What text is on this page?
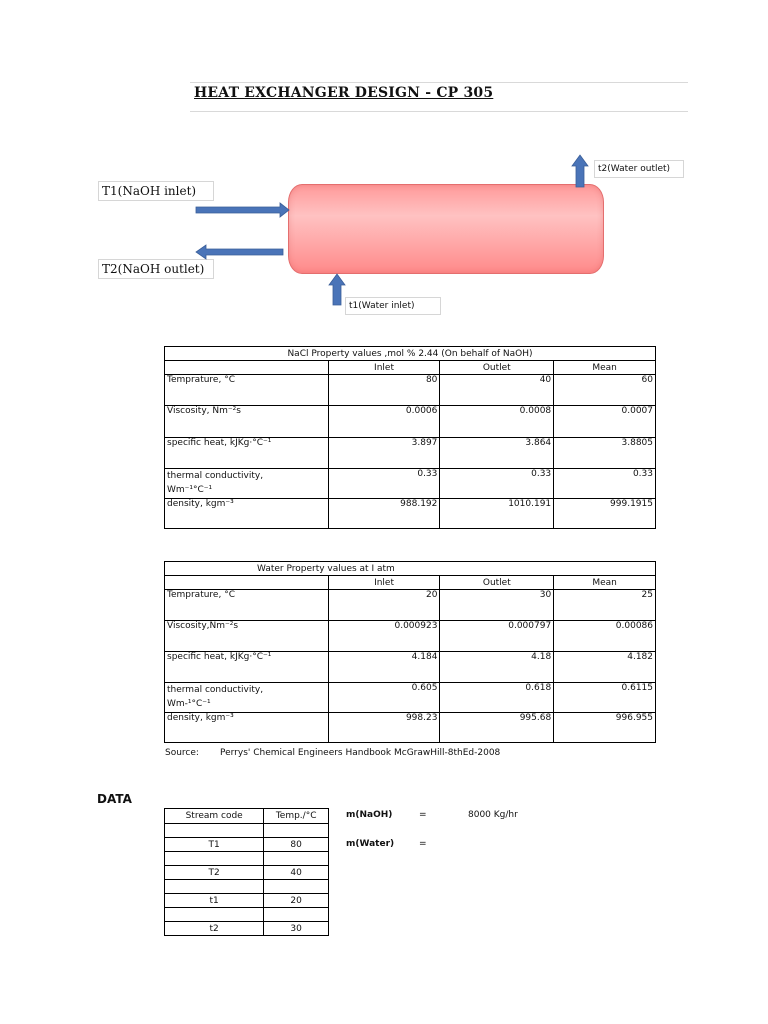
HEAT EXCHANGER DESIGN - CP 305
T1(NaOH inlet)
T2(NaOH outlet)
t2(Water outlet)
t1(Water inlet)
NaCl Property values ,mol % 2.44 (On behalf of NaOH)			
	Inlet	Outlet	Mean
Temprature, °C	80	40	60
Viscosity, Nm⁻²s	0.0006	0.0008	0.0007
specific heat, kJKg·°C⁻¹	3.897	3.864	3.8805

thermal conductivity,
Wm⁻¹°C⁻¹	0.33	0.33	0.33
density, kgm⁻³	988.192	1010.191	999.1915
Water Property values at I atm			
	Inlet	Outlet	Mean
Temprature, °C	20	30	25
Viscosity,Nm⁻²s	0.000923	0.000797	0.00086
specific heat, kJKg·°C⁻¹	4.184	4.18	4.182

thermal conductivity,
Wm-¹°C⁻¹	0.605	0.618	0.6115
density, kgm⁻³	998.23	995.68	996.955
Source: Perrys' Chemical Engineers Handbook McGrawHill-8thEd-2008
DATA
Stream code	Temp./°C

T1	80

T2	40

t1	20

t2	30
m(NaOH)	=	8000 Kg/hr
m(Water)	=
